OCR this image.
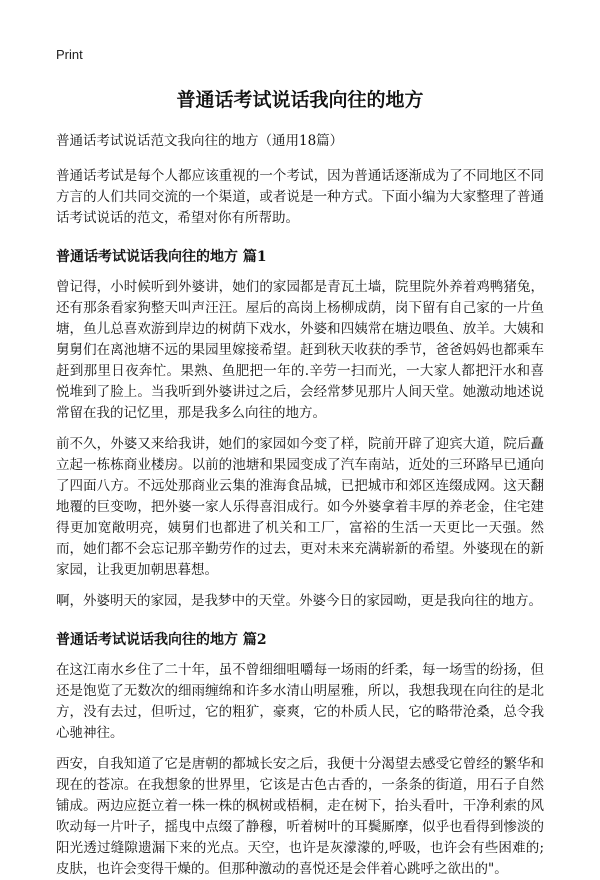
Print
普通话考试说话我向往的地方

普通话考试说话范文我向往的地方（通用18篇）

普通话考试是每个人都应该重视的一个考试，因为普通话逐渐成为了不同地区不同方言的人们共同交流的一个渠道，或者说是一种方式。下面小编为大家整理了普通话考试说话的范文，希望对你有所帮助。

普通话考试说话我向往的地方 篇1

曾记得，小时候听到外婆讲，她们的家园都是青瓦土墙，院里院外养着鸡鸭猪兔，还有那条看家狗整天叫声汪汪。屋后的高岗上杨柳成荫，岗下留有自己家的一片鱼塘，鱼儿总喜欢游到岸边的树荫下戏水，外婆和四姨常在塘边喂鱼、放羊。大姨和舅舅们在离池塘不远的果园里嫁接希望。赶到秋天收获的季节，爸爸妈妈也都乘车赶到那里日夜奔忙。果熟、鱼肥把一年的.辛劳一扫而光，一大家人都把汗水和喜悦堆到了脸上。当我听到外婆讲过之后，会经常梦见那片人间天堂。她激动地述说常留在我的记忆里，那是我多么向往的地方。

前不久，外婆又来给我讲，她们的家园如今变了样，院前开辟了迎宾大道，院后矗立起一栋栋商业楼房。以前的池塘和果园变成了汽车南站，近处的三环路早已通向了四面八方。不远处那商业云集的淮海食品城，已把城市和郊区连缀成网。这天翻地覆的巨变吻，把外婆一家人乐得喜泪成行。如今外婆拿着丰厚的养老金，住宅建得更加宽敞明亮，姨舅们也都进了机关和工厂，富裕的生活一天更比一天强。然而，她们都不会忘记那辛勤劳作的过去，更对未来充满崭新的希望。外婆现在的新家园，让我更加朝思暮想。

啊，外婆明天的家园，是我梦中的天堂。外婆今日的家园呦，更是我向往的地方。

普通话考试说话我向往的地方 篇2

在这江南水乡住了二十年，虽不曾细细咀嚼每一场雨的纤柔，每一场雪的纷扬，但还是饱览了无数次的细雨缠绵和许多水清山明屋雅，所以，我想我现在向往的是北方，没有去过，但听过，它的粗犷，豪爽，它的朴质人民，它的略带沧桑，总令我心驰神往。

西安，自我知道了它是唐朝的都城长安之后，我便十分渴望去感受它曾经的繁华和现在的苍凉。在我想象的世界里，它该是古色古香的，一条条的街道，用石子自然铺成。两边应挺立着一株一株的枫树或梧桐，走在树下，抬头看叶，干净利索的风吹动每一片叶子，摇曳中点缀了静穆，听着树叶的耳鬓厮摩，似乎也看得到惨淡的阳光透过缝隙遗漏下来的光点。天空，也许是灰濛濛的,呼吸，也许会有些困难的;皮肤，也许会变得干燥的。但那种激动的喜悦还是会伴着心跳呼之欲出的"。
